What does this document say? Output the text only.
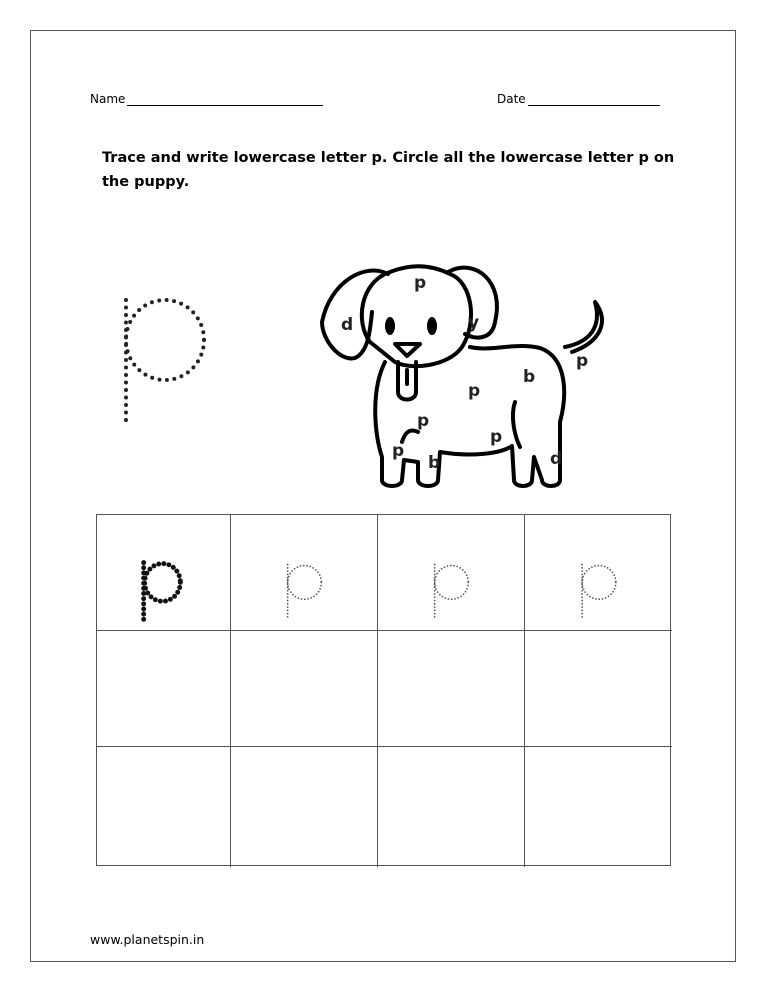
Name	Date
Trace and write lowercase letter p. Circle all the lowercase letter p on the puppy.
p
d	y
p
b
p
p
p
b	d
p
www.planetspin.in
